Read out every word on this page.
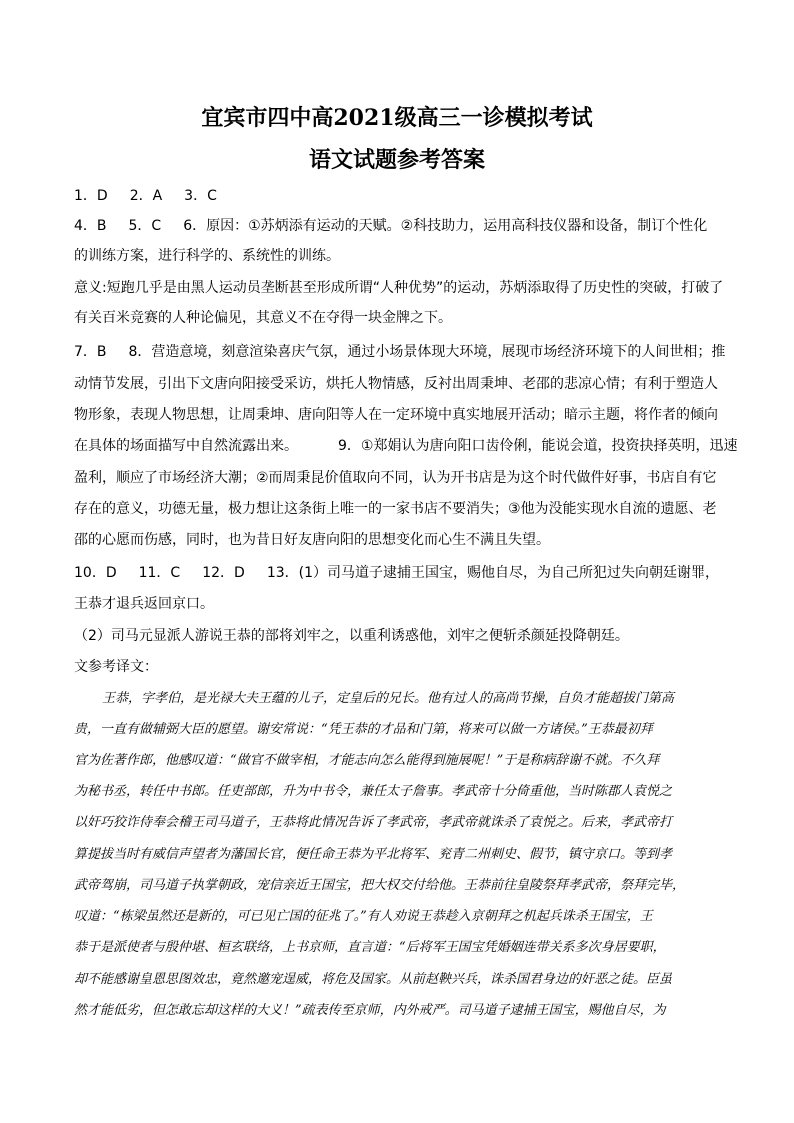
宜宾市四中高2021级高三一诊模拟考试
语文试题参考答案
1．D 2．A 3．C
4．B 5．C 6．原因：①苏炳添有运动的天赋。②科技助力，运用高科技仪器和设备，制订个性化
的训练方案，进行科学的、系统性的训练。
意义:短跑几乎是由黑人运动员垄断甚至形成所谓“人种优势”的运动，苏炳添取得了历史性的突破，打破了
有关百米竞赛的人种论偏见，其意义不在夺得一块金牌之下。
7．B 8．营造意境，刻意渲染喜庆气氛，通过小场景体现大环境，展现市场经济环境下的人间世相；推
动情节发展，引出下文唐向阳接受采访，烘托人物情感，反衬出周秉坤、老邵的悲凉心情；有利于塑造人
物形象，表现人物思想，让周秉坤、唐向阳等人在一定环境中真实地展开活动；暗示主题，将作者的倾向
在具体的场面描写中自然流露出来。	9．①郑娟认为唐向阳口齿伶俐，能说会道，投资抉择英明，迅速
盈利，顺应了市场经济大潮；②而周秉昆价值取向不同，认为开书店是为这个时代做件好事，书店自有它
存在的意义，功德无量，极力想让这条街上唯一的一家书店不要消失；③他为没能实现水自流的遗愿、老
邵的心愿而伤感，同时，也为昔日好友唐向阳的思想变化而心生不满且失望。
10．D 11．C 12．D 13．(1）司马道子逮捕王国宝，赐他自尽，为自己所犯过失向朝廷谢罪，
王恭才退兵返回京口。
（2）司马元显派人游说王恭的部将刘牢之，以重利诱惑他，刘牢之便斩杀颜延投降朝廷。
文参考译文：
王恭，字孝伯，是光禄大夫王蕴的儿子，定皇后的兄长。他有过人的高尚节操，自负才能超拔门第高
贵，一直有做辅弼大臣的愿望。谢安常说：“凭王恭的才品和门第，将来可以做一方诸侯。”王恭最初拜
官为佐著作郎，他感叹道：“做官不做宰相，才能志向怎么能得到施展呢！”于是称病辞谢不就。不久拜
为秘书丞，转任中书郎。任吏部郎，升为中书令，兼任太子詹事。孝武帝十分倚重他，当时陈郡人袁悦之
以奸巧狡诈侍奉会稽王司马道子，王恭将此情况告诉了孝武帝，孝武帝就诛杀了袁悦之。后来，孝武帝打
算提拔当时有威信声望者为藩国长官，便任命王恭为平北将军、兖青二州刺史、假节，镇守京口。等到孝
武帝驾崩，司马道子执掌朝政，宠信亲近王国宝，把大权交付给他。王恭前往皇陵祭拜孝武帝，祭拜完毕，
叹道：“栋梁虽然还是新的，可已见亡国的征兆了。”有人劝说王恭趁入京朝拜之机起兵诛杀王国宝，王
恭于是派使者与殷仲堪、桓玄联络，上书京师，直言道：“后将军王国宝凭婚姻连带关系多次身居要职，
却不能感谢皇恩思图效忠，竟然邀宠逞威，将危及国家。从前赵鞅兴兵，诛杀国君身边的奸恶之徒。臣虽
然才能低劣，但怎敢忘却这样的大义！”疏表传至京师，内外戒严。司马道子逮捕王国宝，赐他自尽，为
